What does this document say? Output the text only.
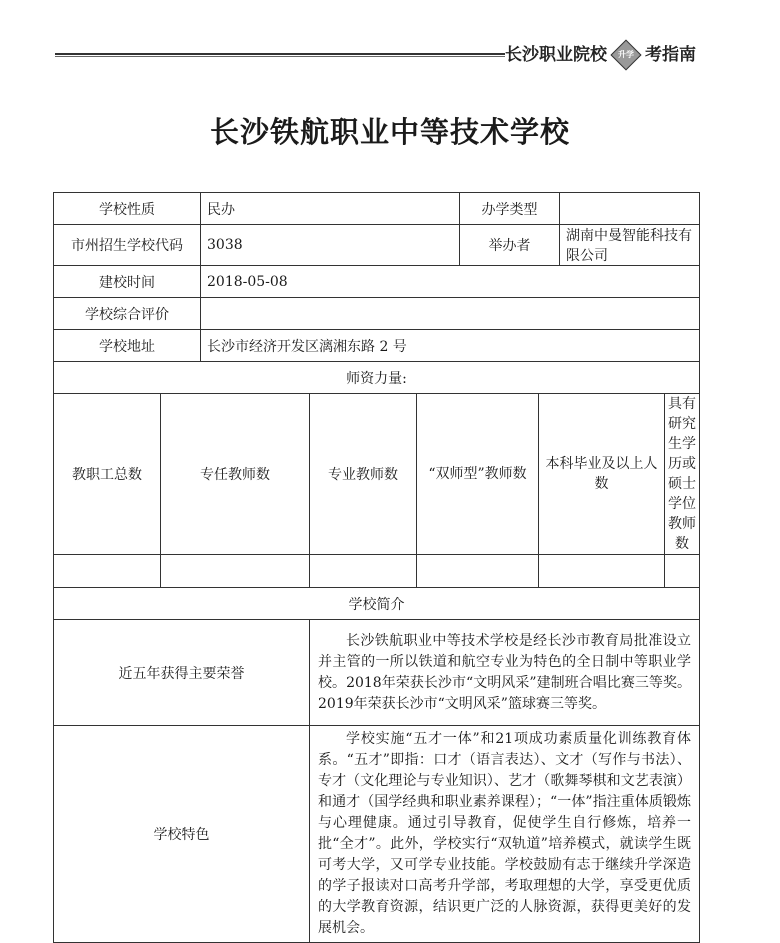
长沙职业院校 升学 考指南
长沙铁航职业中等技术学校
学校性质		民办			办学类型			
市州招生学校代码		3038			举办者		湖南中曼智能科技有限公司	
建校时间		2018-05-08						
学校综合评价								
学校地址		长沙市经济开发区漓湘东路 2 号						
师资力量:								
教职工总数	专任教师数		专业教师数	“双师型”教师数		本科毕业及以上人数		具有研究生学历或硕士学位教师数

学校简介								
近五年获得主要荣誉			长沙铁航职业中等技术学校是经长沙市教育局批准设立并主管的一所以铁道和航空专业为特色的全日制中等职业学校。2018年荣获长沙市“文明风采”建制班合唱比赛三等奖。2019年荣获长沙市“文明风采”篮球赛三等奖。					
学校特色			学校实施“五才一体”和21项成功素质量化训练教育体系。“五才”即指：口才（语言表达）、文才（写作与书法）、专才（文化理论与专业知识）、艺才（歌舞琴棋和文艺表演）和通才（国学经典和职业素养课程）；“一体”指注重体质锻炼与心理健康。通过引导教育，促使学生自行修炼，培养一批“全才”。此外，学校实行“双轨道”培养模式，就读学生既可考大学，又可学专业技能。学校鼓励有志于继续升学深造的学子报读对口高考升学部，考取理想的大学，享受更优质的大学教育资源，结识更广泛的人脉资源，获得更美好的发展机会。					
